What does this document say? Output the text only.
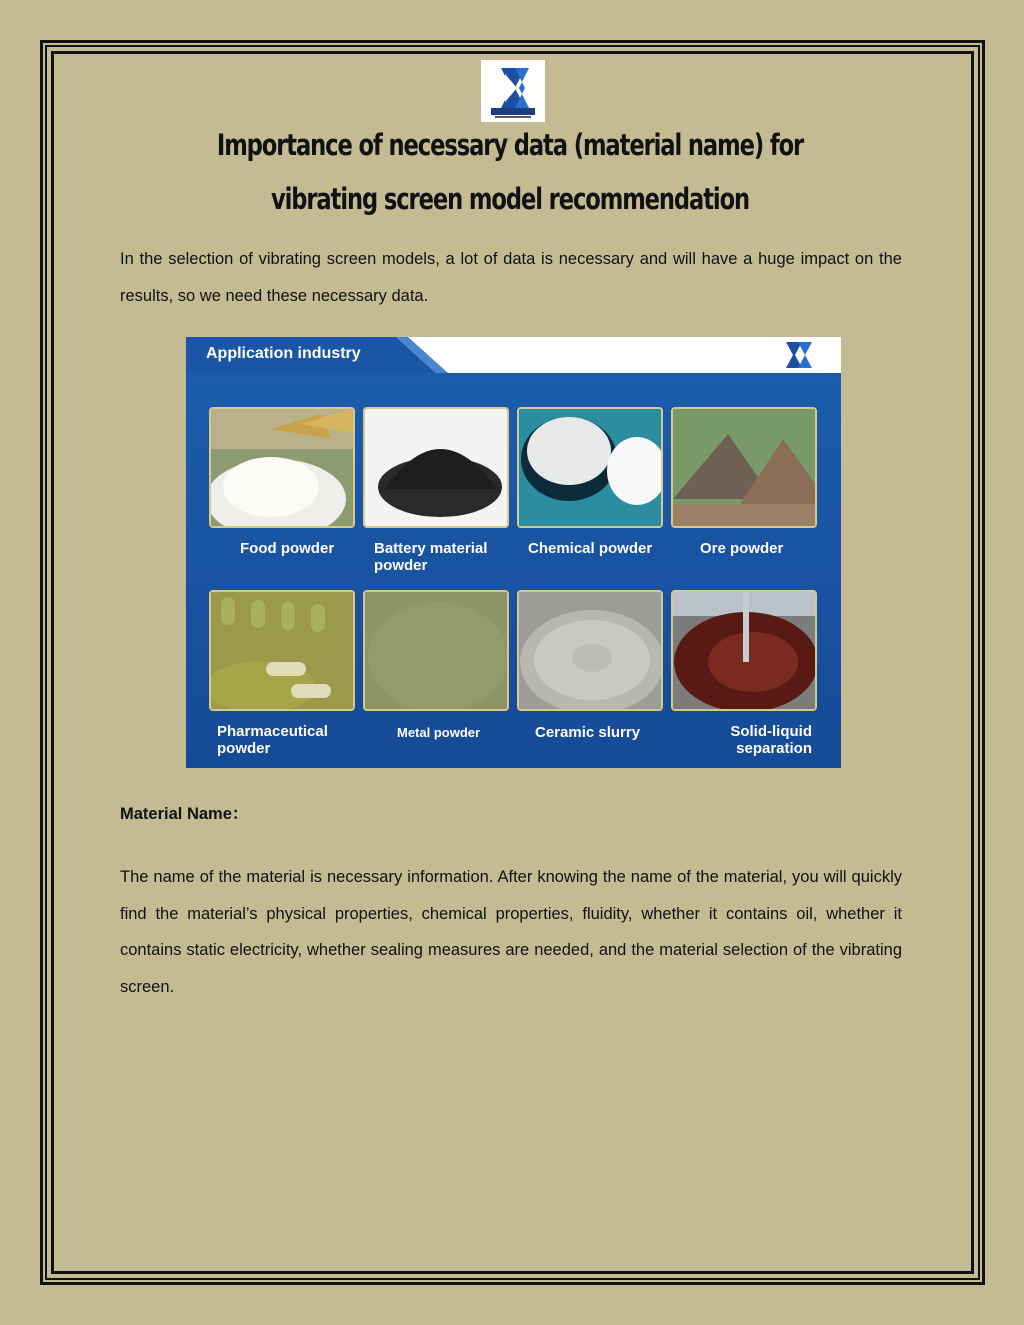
Importance of necessary data (material name) for vibrating screen model recommendation

In the selection of vibrating screen models, a lot of data is necessary and will have a huge impact on the results, so we need these necessary data.

Application industry
Food powder	Battery material powder
Chemical powder	Ore powder
Pharmaceutical powder
Metal powder	Ceramic slurry	Solid-liquid separation
Material Name：

The name of the material is necessary information. After knowing the name of the material, you will quickly find the material’s physical properties, chemical properties, fluidity, whether it contains oil, whether it contains static electricity, whether sealing measures are needed, and the material selection of the vibrating screen.
